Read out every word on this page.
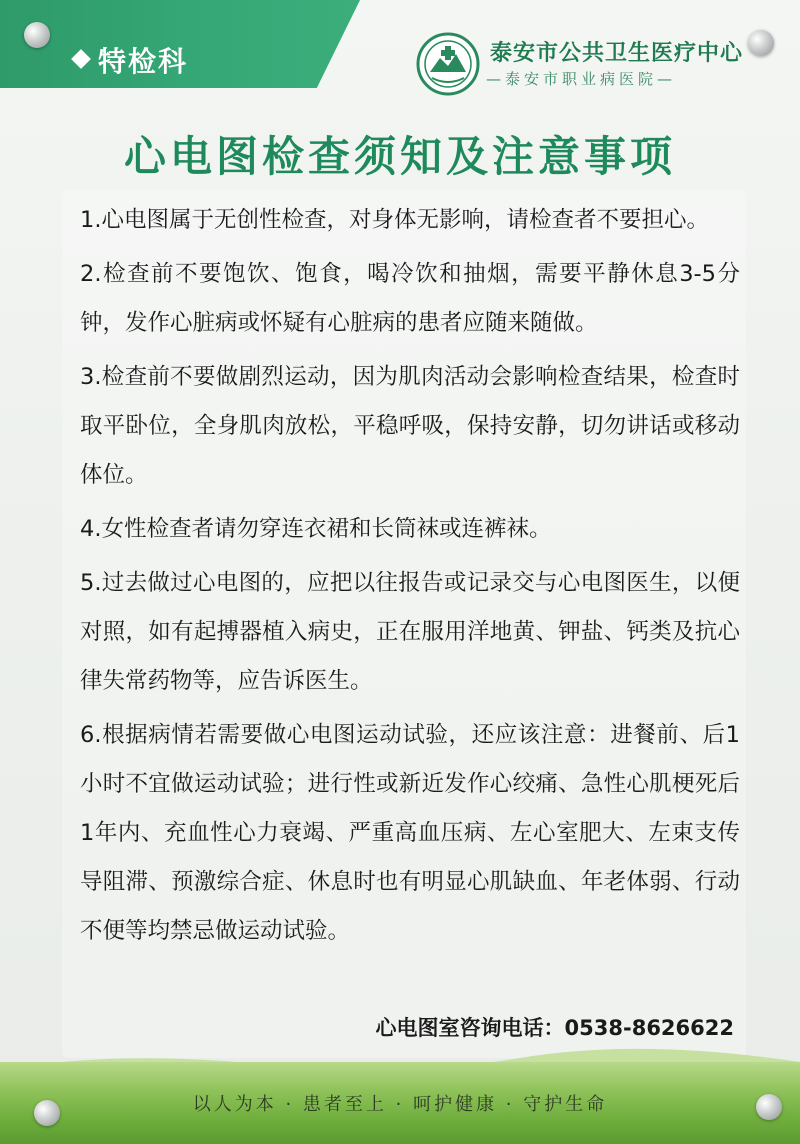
特检科	泰安市公共卫生医疗中心
—泰安市职业病医院—
心电图检查须知及注意事项

1.心电图属于无创性检查，对身体无影响，请检查者不要担心。

2.检查前不要饱饮、饱食，喝冷饮和抽烟，需要平静休息3-5分钟，发作心脏病或怀疑有心脏病的患者应随来随做。

3.检查前不要做剧烈运动，因为肌肉活动会影响检查结果，检查时取平卧位，全身肌肉放松，平稳呼吸，保持安静，切勿讲话或移动体位。

4.女性检查者请勿穿连衣裙和长筒袜或连裤袜。

5.过去做过心电图的，应把以往报告或记录交与心电图医生，以便对照，如有起搏器植入病史，正在服用洋地黄、钾盐、钙类及抗心律失常药物等，应告诉医生。

6.根据病情若需要做心电图运动试验，还应该注意：进餐前、后1小时不宜做运动试验；进行性或新近发作心绞痛、急性心肌梗死后1年内、充血性心力衰竭、严重高血压病、左心室肥大、左束支传导阻滞、预激综合症、休息时也有明显心肌缺血、年老体弱、行动不便等均禁忌做运动试验。

心电图室咨询电话：0538-8626622
以人为本 · 患者至上 · 呵护健康 · 守护生命
